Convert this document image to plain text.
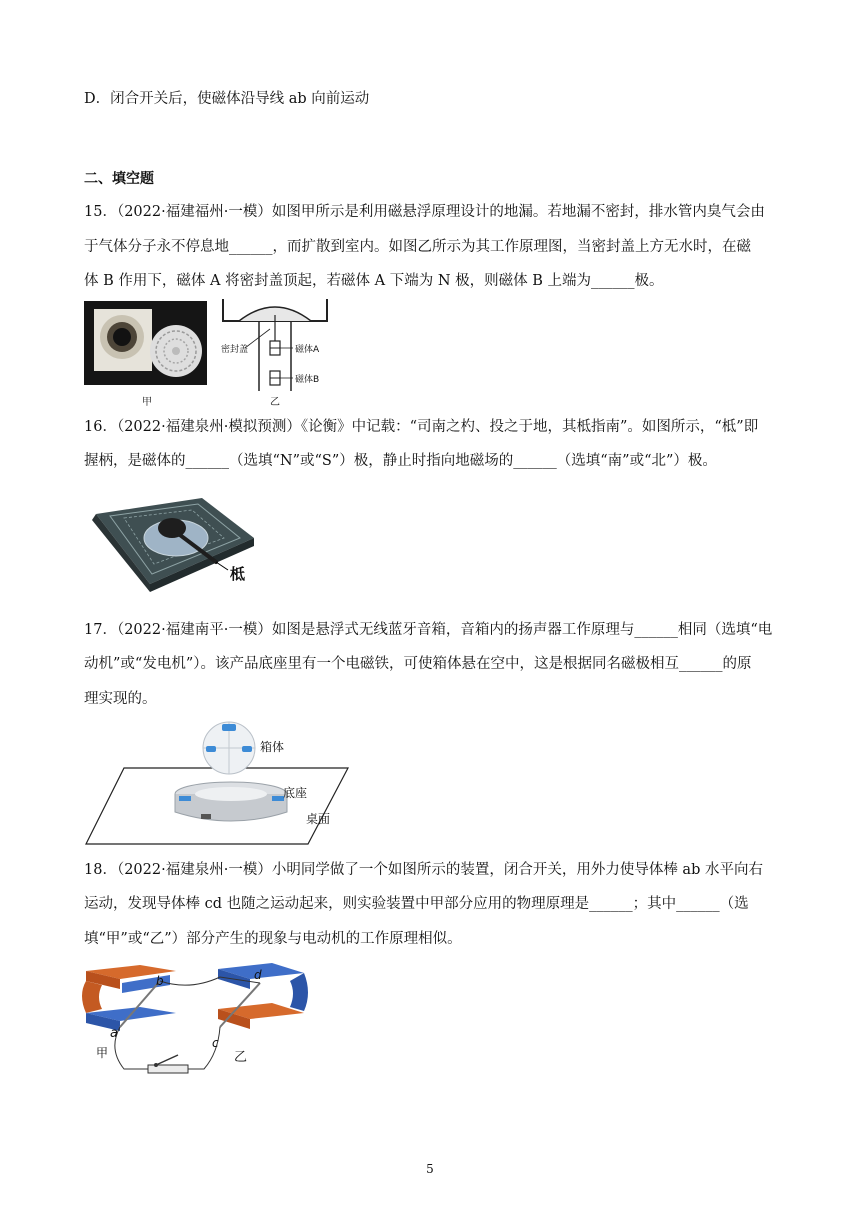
D．闭合开关后，使磁体沿导线 ab 向前运动
二、填空题
15．（2022·福建福州·一模）如图甲所示是利用磁悬浮原理设计的地漏。若地漏不密封，排水管内臭气会由
于气体分子永不停息地______，而扩散到室内。如图乙所示为其工作原理图，当密封盖上方无水时，在磁
体 B 作用下，磁体 A 将密封盖顶起，若磁体 A 下端为 N 极，则磁体 B 上端为______极。
甲
密封盖	磁体A
磁体B
乙
16．（2022·福建泉州·模拟预测）《论衡》中记载：“司南之杓、投之于地，其柢指南”。如图所示，“柢”即
握柄，是磁体的______（选填“N”或“S”）极，静止时指向地磁场的______（选填“南”或“北”）极。
柢
17．（2022·福建南平·一模）如图是悬浮式无线蓝牙音箱，音箱内的扬声器工作原理与______相同（选填“电
动机”或“发电机”）。该产品底座里有一个电磁铁，可使箱体悬在空中，这是根据同名磁极相互______的原
理实现的。
箱体
底座
桌面
18．（2022·福建泉州·一模）小明同学做了一个如图所示的装置，闭合开关，用外力使导体棒 ab 水平向右
运动，发现导体棒 cd 也随之运动起来，则实验装置中甲部分应用的物理原理是______；其中______（选
填“甲”或“乙”）部分产生的现象与电动机的工作原理相似。
a
b
c
d
甲	乙
5
